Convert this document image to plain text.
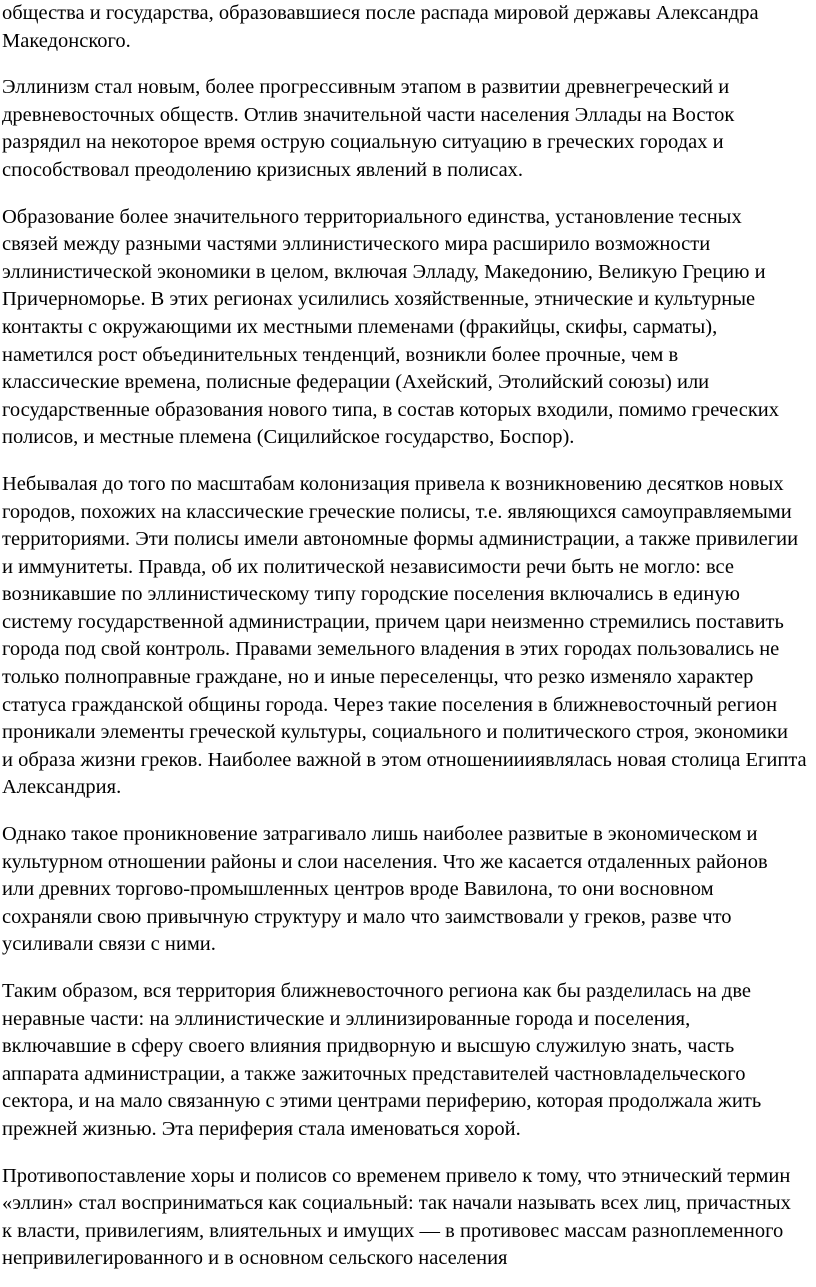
общества и государства, образовавшиеся после распада мировой державы Александра
Македонского.

Эллинизм стал новым, более прогрессивным этапом в развитии древнегреческий и
древневосточных обществ. Отлив значительной части населения Эллады на Восток
разрядил на некоторое время острую социальную ситуацию в греческих городах и
способствовал преодолению кризисных явлений в полисах.

Образование более значительного территориального единства, установление тесных
связей между разными частями эллинистического мира расширило возможности
эллинистической экономики в целом, включая Элладу, Македонию, Великую Грецию и
Причерноморье. В этих регионах усилились хозяйственные, этнические и культурные
контакты с окружающими их местными племенами (фракийцы, скифы, сарматы),
наметился рост объединительных тенденций, возникли более прочные, чем в
классические времена, полисные федерации (Ахейский, Этолийский союзы) или
государственные образования нового типа, в состав которых входили, помимо греческих
полисов, и местные племена (Сицилийское государство, Боспор).

Небывалая до того по масштабам колонизация привела к возникновению десятков новых
городов, похожих на классические греческие полисы, т.е. являющихся самоуправляемыми
территориями. Эти полисы имели автономные формы администрации, а также привилегии
и иммунитеты. Правда, об их политической независимости речи быть не могло: все
возникавшие по эллинистическому типу городские поселения включались в единую
систему государственной администрации, причем цари неизменно стремились поставить
города под свой контроль. Правами земельного владения в этих городах пользовались не
только полноправные граждане, но и иные переселенцы, что резко изменяло характер
статуса гражданской общины города. Через такие поселения в ближневосточный регион
проникали элементы греческой культуры, социального и политического строя, экономики
и образа жизни греков. Наиболее важной в этом отношениииявлялась новая столица Египта
Александрия.

Однако такое проникновение затрагивало лишь наиболее развитые в экономическом и
культурном отношении районы и слои населения. Что же касается отдаленных районов
или древних торгово-промышленных центров вроде Вавилона, то они восновном
сохраняли свою привычную структуру и мало что заимствовали у греков, разве что
усиливали связи с ними.

Таким образом, вся территория ближневосточного региона как бы разделилась на две
неравные части: на эллинистические и эллинизированные города и поселения,
включавшие в сферу своего влияния придворную и высшую служилую знать, часть
аппарата администрации, а также зажиточных представителей частновладельческого
сектора, и на мало связанную с этими центрами периферию, которая продолжала жить
прежней жизнью. Эта периферия стала именоваться хорой.

Противопоставление хоры и полисов со временем привело к тому, что этнический термин
«эллин» стал восприниматься как социальный: так начали называть всех лиц, причастных
к власти, привилегиям, влиятельных и имущих — в противовес массам разноплеменного
непривилегированного и в основном сельского населения
